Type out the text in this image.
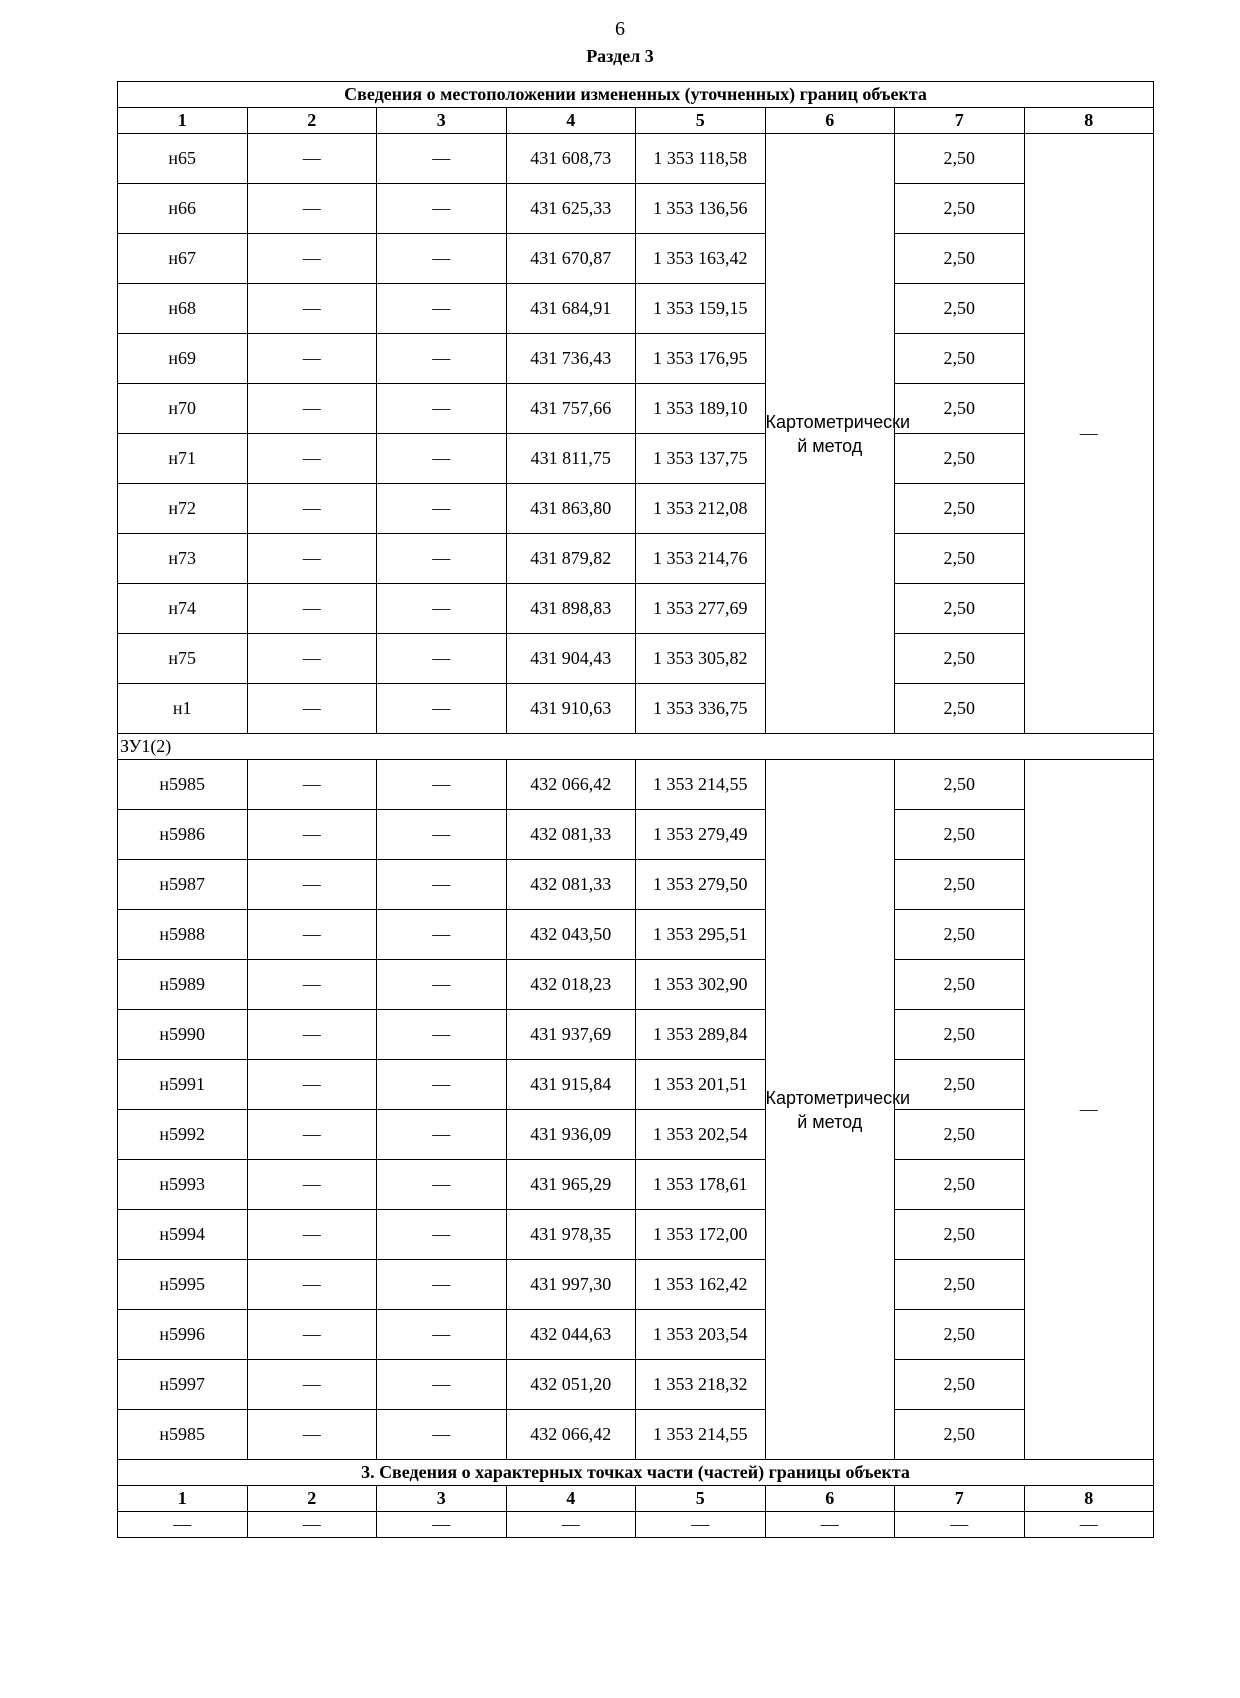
6
Раздел 3
Сведения о местоположении измененных (уточненных) границ объекта							
1	2	3	4	5	6	7	8
н65	—	—	431 608,73	1 353 118,58	Картометрически й метод	2,50	—
н66	—	—	431 625,33	1 353 136,56		2,50	
н67	—	—	431 670,87	1 353 163,42		2,50	
н68	—	—	431 684,91	1 353 159,15		2,50	
н69	—	—	431 736,43	1 353 176,95		2,50	
н70	—	—	431 757,66	1 353 189,10		2,50	
н71	—	—	431 811,75	1 353 137,75		2,50	
н72	—	—	431 863,80	1 353 212,08		2,50	
н73	—	—	431 879,82	1 353 214,76		2,50	
н74	—	—	431 898,83	1 353 277,69		2,50	
н75	—	—	431 904,43	1 353 305,82		2,50	
н1	—	—	431 910,63	1 353 336,75		2,50	
ЗУ1(2)							
н5985	—	—	432 066,42	1 353 214,55	Картометрически й метод	2,50	—
н5986	—	—	432 081,33	1 353 279,49		2,50	
н5987	—	—	432 081,33	1 353 279,50		2,50	
н5988	—	—	432 043,50	1 353 295,51		2,50	
н5989	—	—	432 018,23	1 353 302,90		2,50	
н5990	—	—	431 937,69	1 353 289,84		2,50	
н5991	—	—	431 915,84	1 353 201,51		2,50	
н5992	—	—	431 936,09	1 353 202,54		2,50	
н5993	—	—	431 965,29	1 353 178,61		2,50	
н5994	—	—	431 978,35	1 353 172,00		2,50	
н5995	—	—	431 997,30	1 353 162,42		2,50	
н5996	—	—	432 044,63	1 353 203,54		2,50	
н5997	—	—	432 051,20	1 353 218,32		2,50	
н5985	—	—	432 066,42	1 353 214,55		2,50	
3. Сведения о характерных точках части (частей) границы объекта							
1	2	3	4	5	6	7	8
—	—	—	—	—	—	—	—
